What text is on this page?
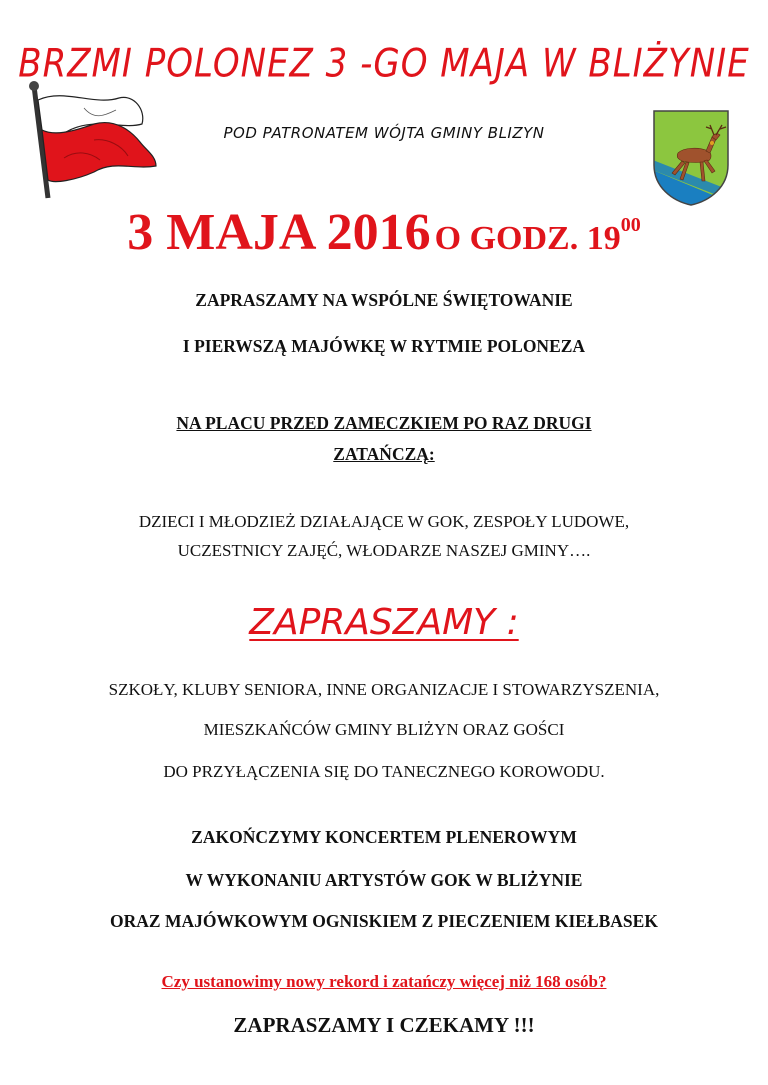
BRZMI POLONEZ 3 -GO MAJA W BLIŻYNIE
POD PATRONATEM WÓJTA GMINY BLIZYN
3 MAJA 2016 O GODZ. $19^{00}$
ZAPRASZAMY NA WSPÓLNE ŚWIĘTOWANIE
I PIERWSZĄ MAJÓWKĘ W RYTMIE POLONEZA
NA PLACU PRZED ZAMECZKIEM PO RAZ DRUGI
ZATAŃCZĄ:
DZIECI I MŁODZIEŻ DZIAŁAJĄCE W GOK, ZESPOŁY LUDOWE,
UCZESTNICY ZAJĘĆ, WŁODARZE NASZEJ GMINY….
ZAPRASZAMY :
SZKOŁY, KLUBY SENIORA, INNE ORGANIZACJE I STOWARZYSZENIA,
MIESZKAŃCÓW GMINY BLIŻYN ORAZ GOŚCI
DO PRZYŁĄCZENIA SIĘ DO TANECZNEGO KOROWODU.
ZAKOŃCZYMY KONCERTEM PLENEROWYM
W WYKONANIU ARTYSTÓW GOK W BLIŻYNIE
ORAZ MAJÓWKOWYM OGNISKIEM Z PIECZENIEM KIEŁBASEK
Czy ustanowimy nowy rekord i zatańczy więcej niż 168 osób?
ZAPRASZAMY I CZEKAMY !!!
